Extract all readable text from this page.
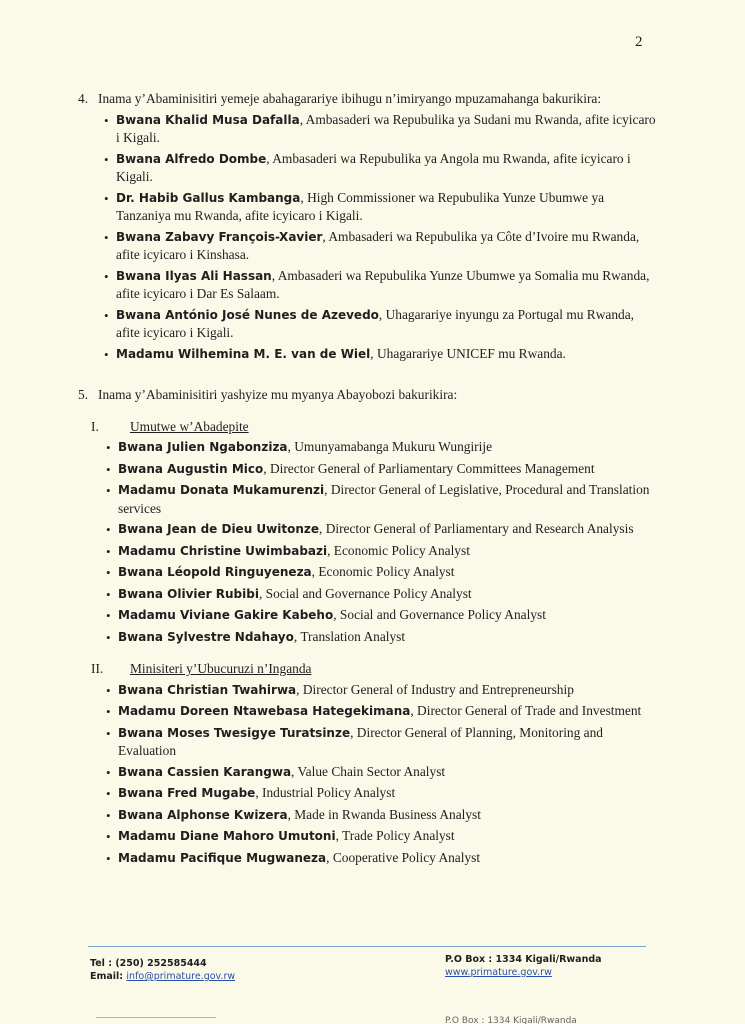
2
4. Inama y’Abaminisitiri yemeje abahagarariye ibihugu n’imiryango mpuzamahanga bakurikira:
• Bwana Khalid Musa Dafalla, Ambasaderi wa Repubulika ya Sudani mu Rwanda, afite icyicaro i Kigali.
• Bwana Alfredo Dombe, Ambasaderi wa Repubulika ya Angola mu Rwanda, afite icyicaro i Kigali.
• Dr. Habib Gallus Kambanga, High Commissioner wa Repubulika Yunze Ubumwe ya Tanzaniya mu Rwanda, afite icyicaro i Kigali.
• Bwana Zabavy François-Xavier, Ambasaderi wa Repubulika ya Côte d’Ivoire mu Rwanda, afite icyicaro i Kinshasa.
• Bwana Ilyas Ali Hassan, Ambasaderi wa Repubulika Yunze Ubumwe ya Somalia mu Rwanda, afite icyicaro i Dar Es Salaam.
• Bwana António José Nunes de Azevedo, Uhagarariye inyungu za Portugal mu Rwanda, afite icyicaro i Kigali.
• Madamu Wilhemina M. E. van de Wiel, Uhagarariye UNICEF mu Rwanda.
5. Inama y’Abaminisitiri yashyize mu myanya Abayobozi bakurikira:
I.	Umutwe w’Abadepite
• Bwana Julien Ngabonziza, Umunyamabanga Mukuru Wungirije
• Bwana Augustin Mico, Director General of Parliamentary Committees Management
• Madamu Donata Mukamurenzi, Director General of Legislative, Procedural and Translation services
• Bwana Jean de Dieu Uwitonze, Director General of Parliamentary and Research Analysis
• Madamu Christine Uwimbabazi, Economic Policy Analyst
• Bwana Léopold Ringuyeneza, Economic Policy Analyst
• Bwana Olivier Rubibi, Social and Governance Policy Analyst
• Madamu Viviane Gakire Kabeho, Social and Governance Policy Analyst
• Bwana Sylvestre Ndahayo, Translation Analyst
II.	Minisiteri y’Ubucuruzi n’Inganda
• Bwana Christian Twahirwa, Director General of Industry and Entrepreneurship
• Madamu Doreen Ntawebasa Hategekimana, Director General of Trade and Investment
• Bwana Moses Twesigye Turatsinze, Director General of Planning, Monitoring and Evaluation
• Bwana Cassien Karangwa, Value Chain Sector Analyst
• Bwana Fred Mugabe, Industrial Policy Analyst
• Bwana Alphonse Kwizera, Made in Rwanda Business Analyst
• Madamu Diane Mahoro Umutoni, Trade Policy Analyst
• Madamu Pacifique Mugwaneza, Cooperative Policy Analyst
Tel : (250) 252585444
Email: info@primature.gov.rw
P.O Box : 1334 Kigali/Rwanda
www.primature.gov.rw
P.O Box : 1334 Kigali/Rwanda
